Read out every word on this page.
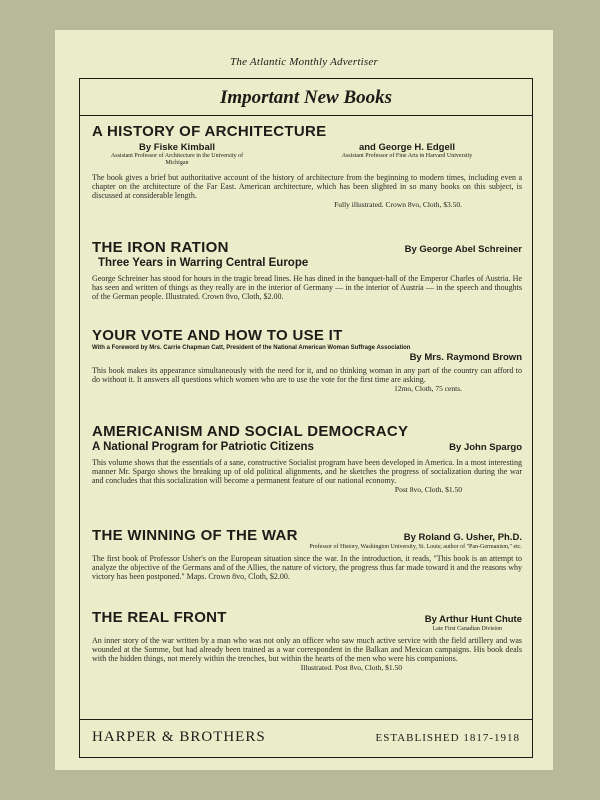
The Atlantic Monthly Advertiser
Important New Books
A HISTORY OF ARCHITECTURE
By Fiske Kimball
Assistant Professor of Architecture in the University of Michigan
and George H. Edgell
Assistant Professor of Fine Arts in Harvard University

The book gives a brief but authoritative account of the history of architecture from the beginning to modern times, including even a chapter on the architecture of the Far East. American architecture, which has been slighted in so many books on this subject, is discussed at considerable length.

Fully illustrated. Crown 8vo, Cloth, $3.50.
THE IRON RATION	By George Abel Schreiner
Three Years in Warring Central Europe

George Schreiner has stood for hours in the tragic bread lines. He has dined in the banquet-hall of the Emperor Charles of Austria. He has seen and written of things as they really are in the interior of Germany — in the interior of Austria — in the speech and thoughts of the German people. Illustrated. Crown 8vo, Cloth, $2.00.

YOUR VOTE AND HOW TO USE IT
With a Foreword by Mrs. Carrie Chapman Catt, President of the National American Woman Suffrage Association
By Mrs. Raymond Brown

This book makes its appearance simultaneously with the need for it, and no thinking woman in any part of the country can afford to do without it. It answers all questions which women who are to use the vote for the first time are asking.

12mo, Cloth, 75 cents.
AMERICANISM AND SOCIAL DEMOCRACY
A National Program for Patriotic Citizens	By John Spargo

This volume shows that the essentials of a sane, constructive Socialist program have been developed in America. In a most interesting manner Mr. Spargo shows the breaking up of old political alignments, and he sketches the progress of socialization during the war and concludes that this socialization will become a permanent feature of our national economy.

Post 8vo, Cloth, $1.50
THE WINNING OF THE WAR	By Roland G. Usher, Ph.D.
Professor of History, Washington University, St. Louis; author of "Pan-Germanism," etc.

The first book of Professor Usher's on the European situation since the war. In the introduction, it reads, "This book is an attempt to analyze the objective of the Germans and of the Allies, the nature of victory, the progress thus far made toward it and the reasons why victory has been postponed." Maps. Crown 8vo, Cloth, $2.00.

THE REAL FRONT	By Arthur Hunt Chute
Late First Canadian Division

An inner story of the war written by a man who was not only an officer who saw much active service with the field artillery and was wounded at the Somme, but had already been trained as a war correspondent in the Balkan and Mexican campaigns. His book deals with the hidden things, not merely within the trenches, but within the hearts of the men who were his companions.

Illustrated. Post 8vo, Cloth, $1.50
HARPER & BROTHERS	ESTABLISHED 1817-1918
